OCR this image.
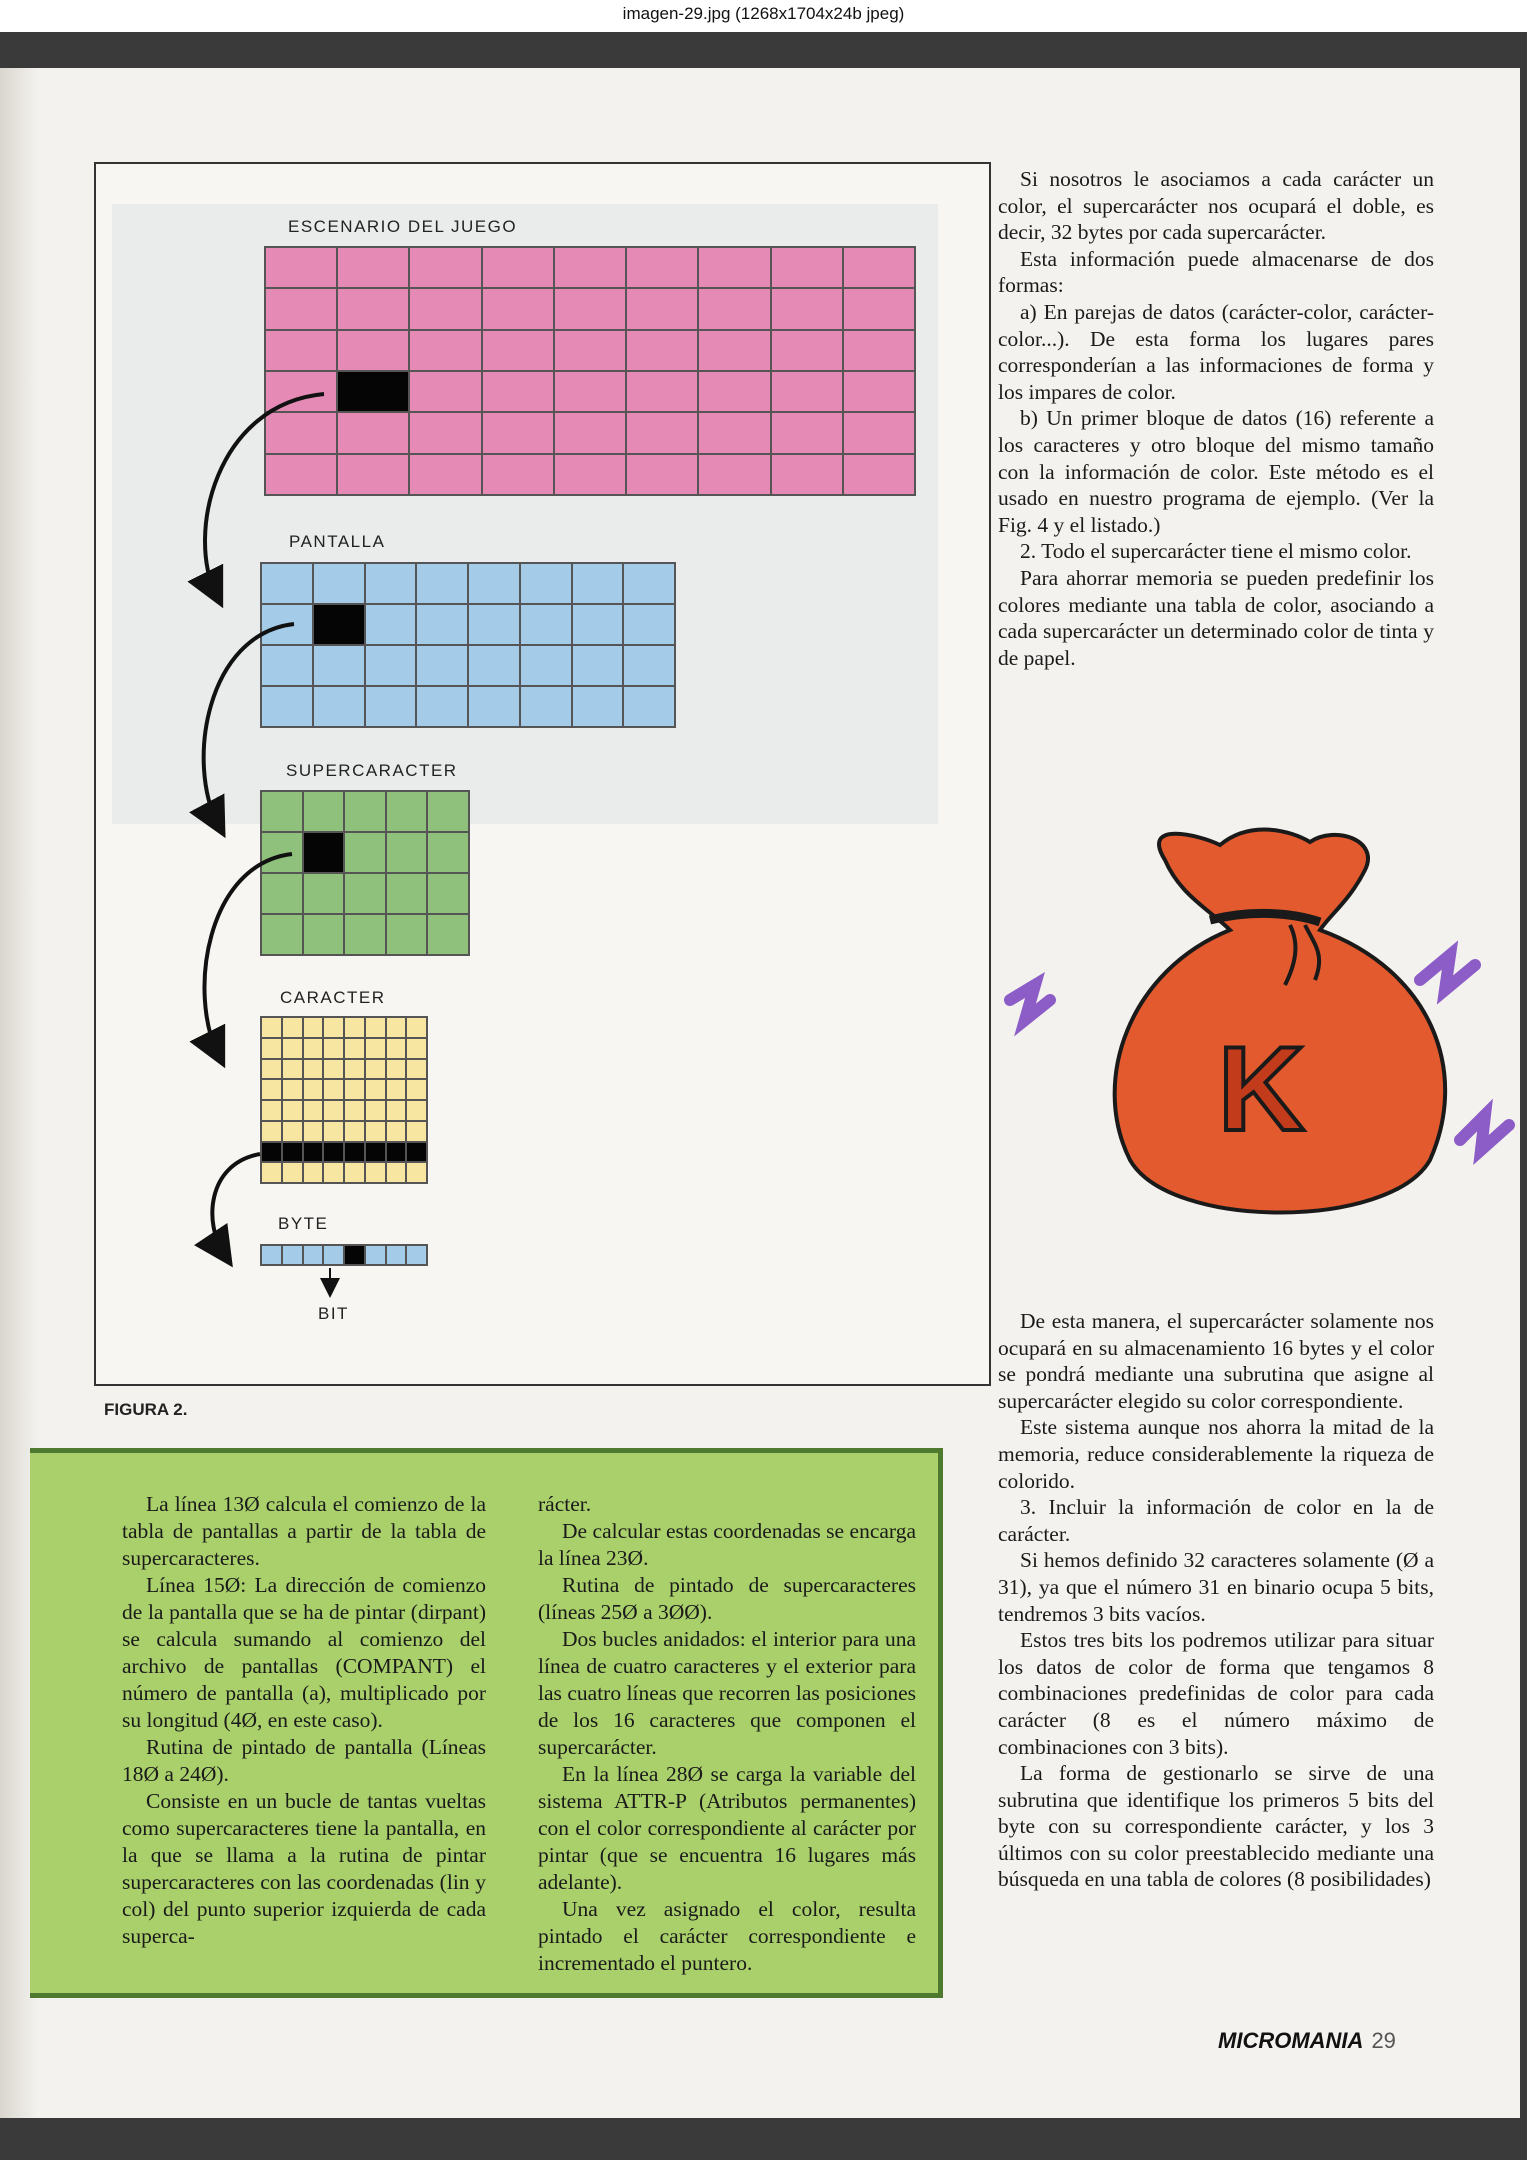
imagen-29.jpg (1268x1704x24b jpeg)
ESCENARIO DEL JUEGO
PANTALLA
SUPERCARACTER
CARACTER
BYTE
BIT
FIGURA 2.

La línea 13Ø calcula el comienzo de la tabla de pantallas a partir de la tabla de supercaracteres.

Línea 15Ø: La dirección de comienzo de la pantalla que se ha de pintar (dirpant) se calcula sumando al comienzo del archivo de pantallas (COMPANT) el número de pantalla (a), multiplicado por su longitud (4Ø, en este caso).

Rutina de pintado de pantalla (Líneas 18Ø a 24Ø).

Consiste en un bucle de tantas vueltas como supercaracteres tiene la pantalla, en la que se llama a la rutina de pintar supercaracteres con las coordenadas (lin y col) del punto superior izquierda de cada superca-

rácter.

De calcular estas coordenadas se encarga la línea 23Ø.

Rutina de pintado de supercaracteres (líneas 25Ø a 3ØØ).

Dos bucles anidados: el interior para una línea de cuatro caracteres y el exterior para las cuatro líneas que recorren las posiciones de los 16 caracteres que componen el supercarácter.

En la línea 28Ø se carga la variable del sistema ATTR-P (Atributos permanentes) con el color correspondiente al carácter por pintar (que se encuentra 16 lugares más adelante).

Una vez asignado el color, resulta pintado el carácter correspondiente e incrementado el puntero.

Si nosotros le asociamos a cada carácter un color, el supercarácter nos ocupará el doble, es decir, 32 bytes por cada supercarácter.

Esta información puede almacenarse de dos formas:

a) En parejas de datos (carácter-color, carácter-color...). De esta forma los lugares pares corresponderían a las informaciones de forma y los impares de color.

b) Un primer bloque de datos (16) referente a los caracteres y otro bloque del mismo tamaño con la información de color. Este método es el usado en nuestro programa de ejemplo. (Ver la Fig. 4 y el listado.)

2. Todo el supercarácter tiene el mismo color.

Para ahorrar memoria se pueden predefinir los colores mediante una tabla de color, asociando a cada supercarácter un determinado color de tinta y de papel.

K

De esta manera, el supercarácter solamente nos ocupará en su almacenamiento 16 bytes y el color se pondrá mediante una subrutina que asigne al supercarácter elegido su color correspondiente.

Este sistema aunque nos ahorra la mitad de la memoria, reduce considerablemente la riqueza de colorido.

3. Incluir la información de color en la de carácter.

Si hemos definido 32 caracteres solamente (Ø a 31), ya que el número 31 en binario ocupa 5 bits, tendremos 3 bits vacíos.

Estos tres bits los podremos utilizar para situar los datos de color de forma que tengamos 8 combinaciones predefinidas de color para cada carácter (8 es el número máximo de combinaciones con 3 bits).

La forma de gestionarlo se sirve de una subrutina que identifique los primeros 5 bits del byte con su correspondiente carácter, y los 3 últimos con su color preestablecido mediante una búsqueda en una tabla de colores (8 posibilidades)

MICROMANIA 29
